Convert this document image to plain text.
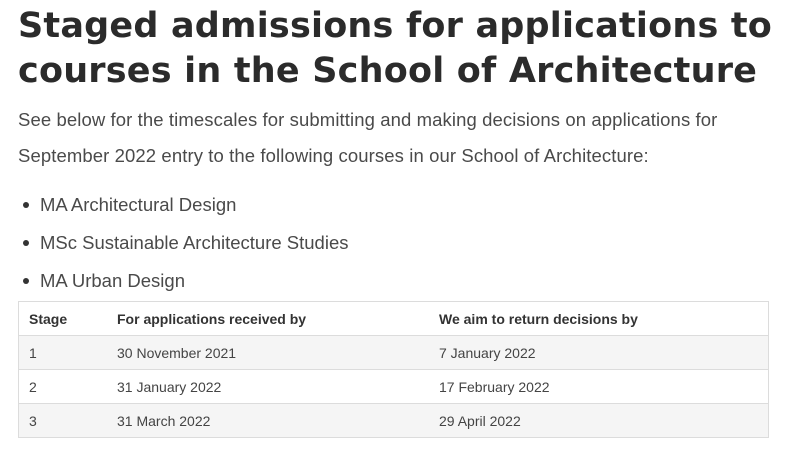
Staged admissions for applications to
courses in the School of Architecture

See below for the timescales for submitting and making decisions on applications for
September 2022 entry to the following courses in our School of Architecture:

MA Architectural Design
MSc Sustainable Architecture Studies
MA Urban Design
Stage	For applications received by	We aim to return decisions by
1	30 November 2021	7 January 2022
2	31 January 2022	17 February 2022
3	31 March 2022	29 April 2022
